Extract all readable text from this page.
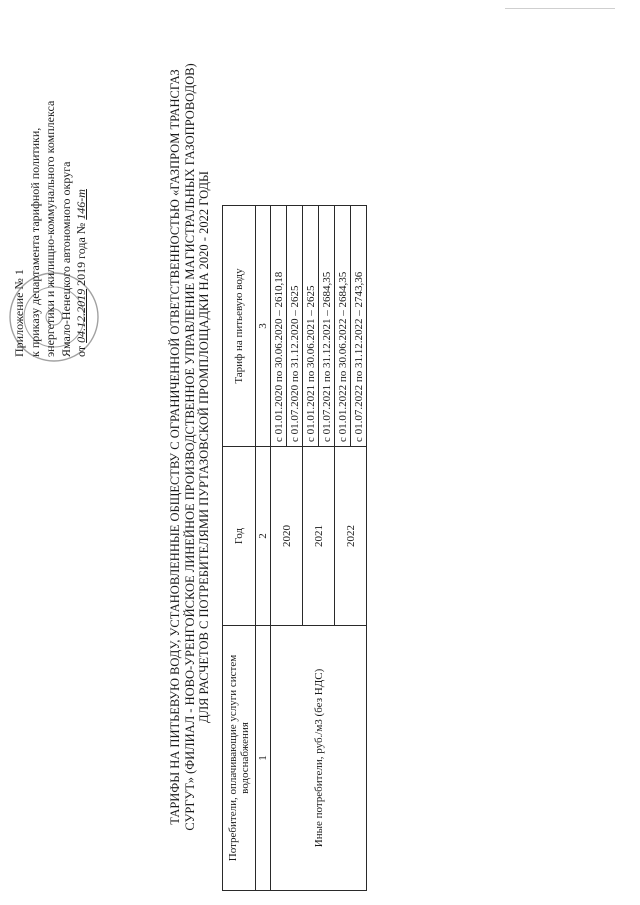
Приложение № 1 к приказу департамента тарифной политики, энергетики и жилищно-коммунального комплекса Ямало-Ненецкого автономного округа от 04.12.2019 2019 года № 146-т	ТАРИФЫ НА ПИТЬЕВУЮ ВОДУ, УСТАНОВЛЕННЫЕ ОБЩЕСТВУ С ОГРАНИЧЕННОЙ ОТВЕТСТВЕННОСТЬЮ «ГАЗПРОМ ТРАНСГАЗ СУРГУТ» (ФИЛИАЛ - НОВО-УРЕНГОЙСКОЕ ЛИНЕЙНОЕ ПРОИЗВОДСТВЕННОЕ УПРАВЛЕНИЕ МАГИСТРАЛЬНЫХ ГАЗОПРОВОДОВ) ДЛЯ РАСЧЕТОВ С ПОТРЕБИТЕЛЯМИ ПУРТАЗОВСКОЙ ПРОМПЛОЩАДКИ НА 2020 - 2022 ГОДЫ
Потребители, оплачивающие услуги систем водоснабжения	Год	Тариф на питьевую воду
1	2	3
Иные потребители, руб./м3 (без НДС)	2020	с 01.01.2020 по 30.06.2020 – 2610,18
		с 01.07.2020 по 31.12.2020 – 2625
	2021	с 01.01.2021 по 30.06.2021 – 2625
		с 01.07.2021 по 31.12.2021 – 2684,35
	2022	с 01.01.2022 по 30.06.2022 – 2684,35
		с 01.07.2022 по 31.12.2022 – 2743,36
